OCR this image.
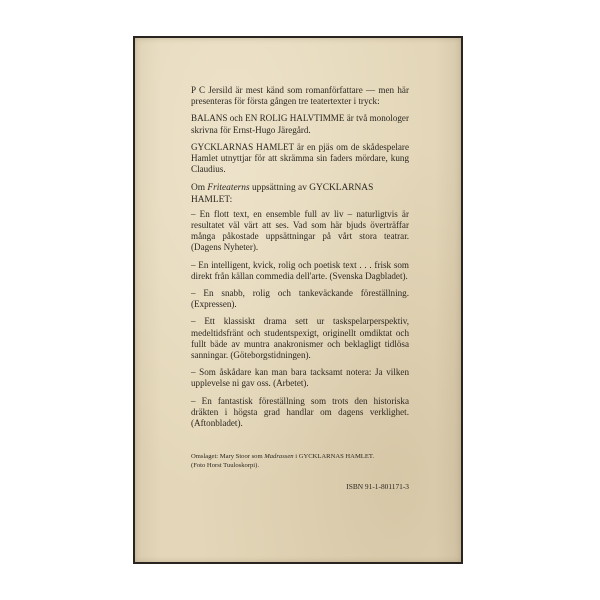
P C Jersild är mest känd som romanförfattare — men här presenteras för första gången tre teatertexter i tryck:

BALANS och EN ROLIG HALVTIMME är två monologer skrivna för Ernst-Hugo Järegård.

GYCKLARNAS HAMLET är en pjäs om de skådespelare Hamlet utnyttjar för att skrämma sin faders mördare, kung Claudius.

Om Friteaterns uppsättning av GYCKLARNAS HAMLET:

– En flott text, en ensemble full av liv – naturligtvis är resultatet väl värt att ses. Vad som här bjuds överträffar många påkostade uppsättningar på vårt stora teatrar. (Dagens Nyheter).

– En intelligent, kvick, rolig och poetisk text . . . frisk som direkt från källan commedia dell'arte. (Svenska Dagbladet).

– En snabb, rolig och tankeväckande föreställning. (Expressen).

– Ett klassiskt drama sett ur taskspelarperspektiv, medeltidsfränt och studentspexigt, originellt omdiktat och fullt bäde av muntra anakronismer och beklagligt tidlösa sanningar. (Göteborgstidningen).

– Som åskådare kan man bara tacksamt notera: Ja vilken upplevelse ni gav oss. (Arbetet).

– En fantastisk föreställning som trots den historiska dräkten i högsta grad handlar om dagens verklighet. (Aftonbladet).

Omslaget: Mary Stoor som Madrassen i GYCKLARNAS HAMLET.
(Foto Horst Tuuloskorpi).
ISBN 91-1-801171-3
